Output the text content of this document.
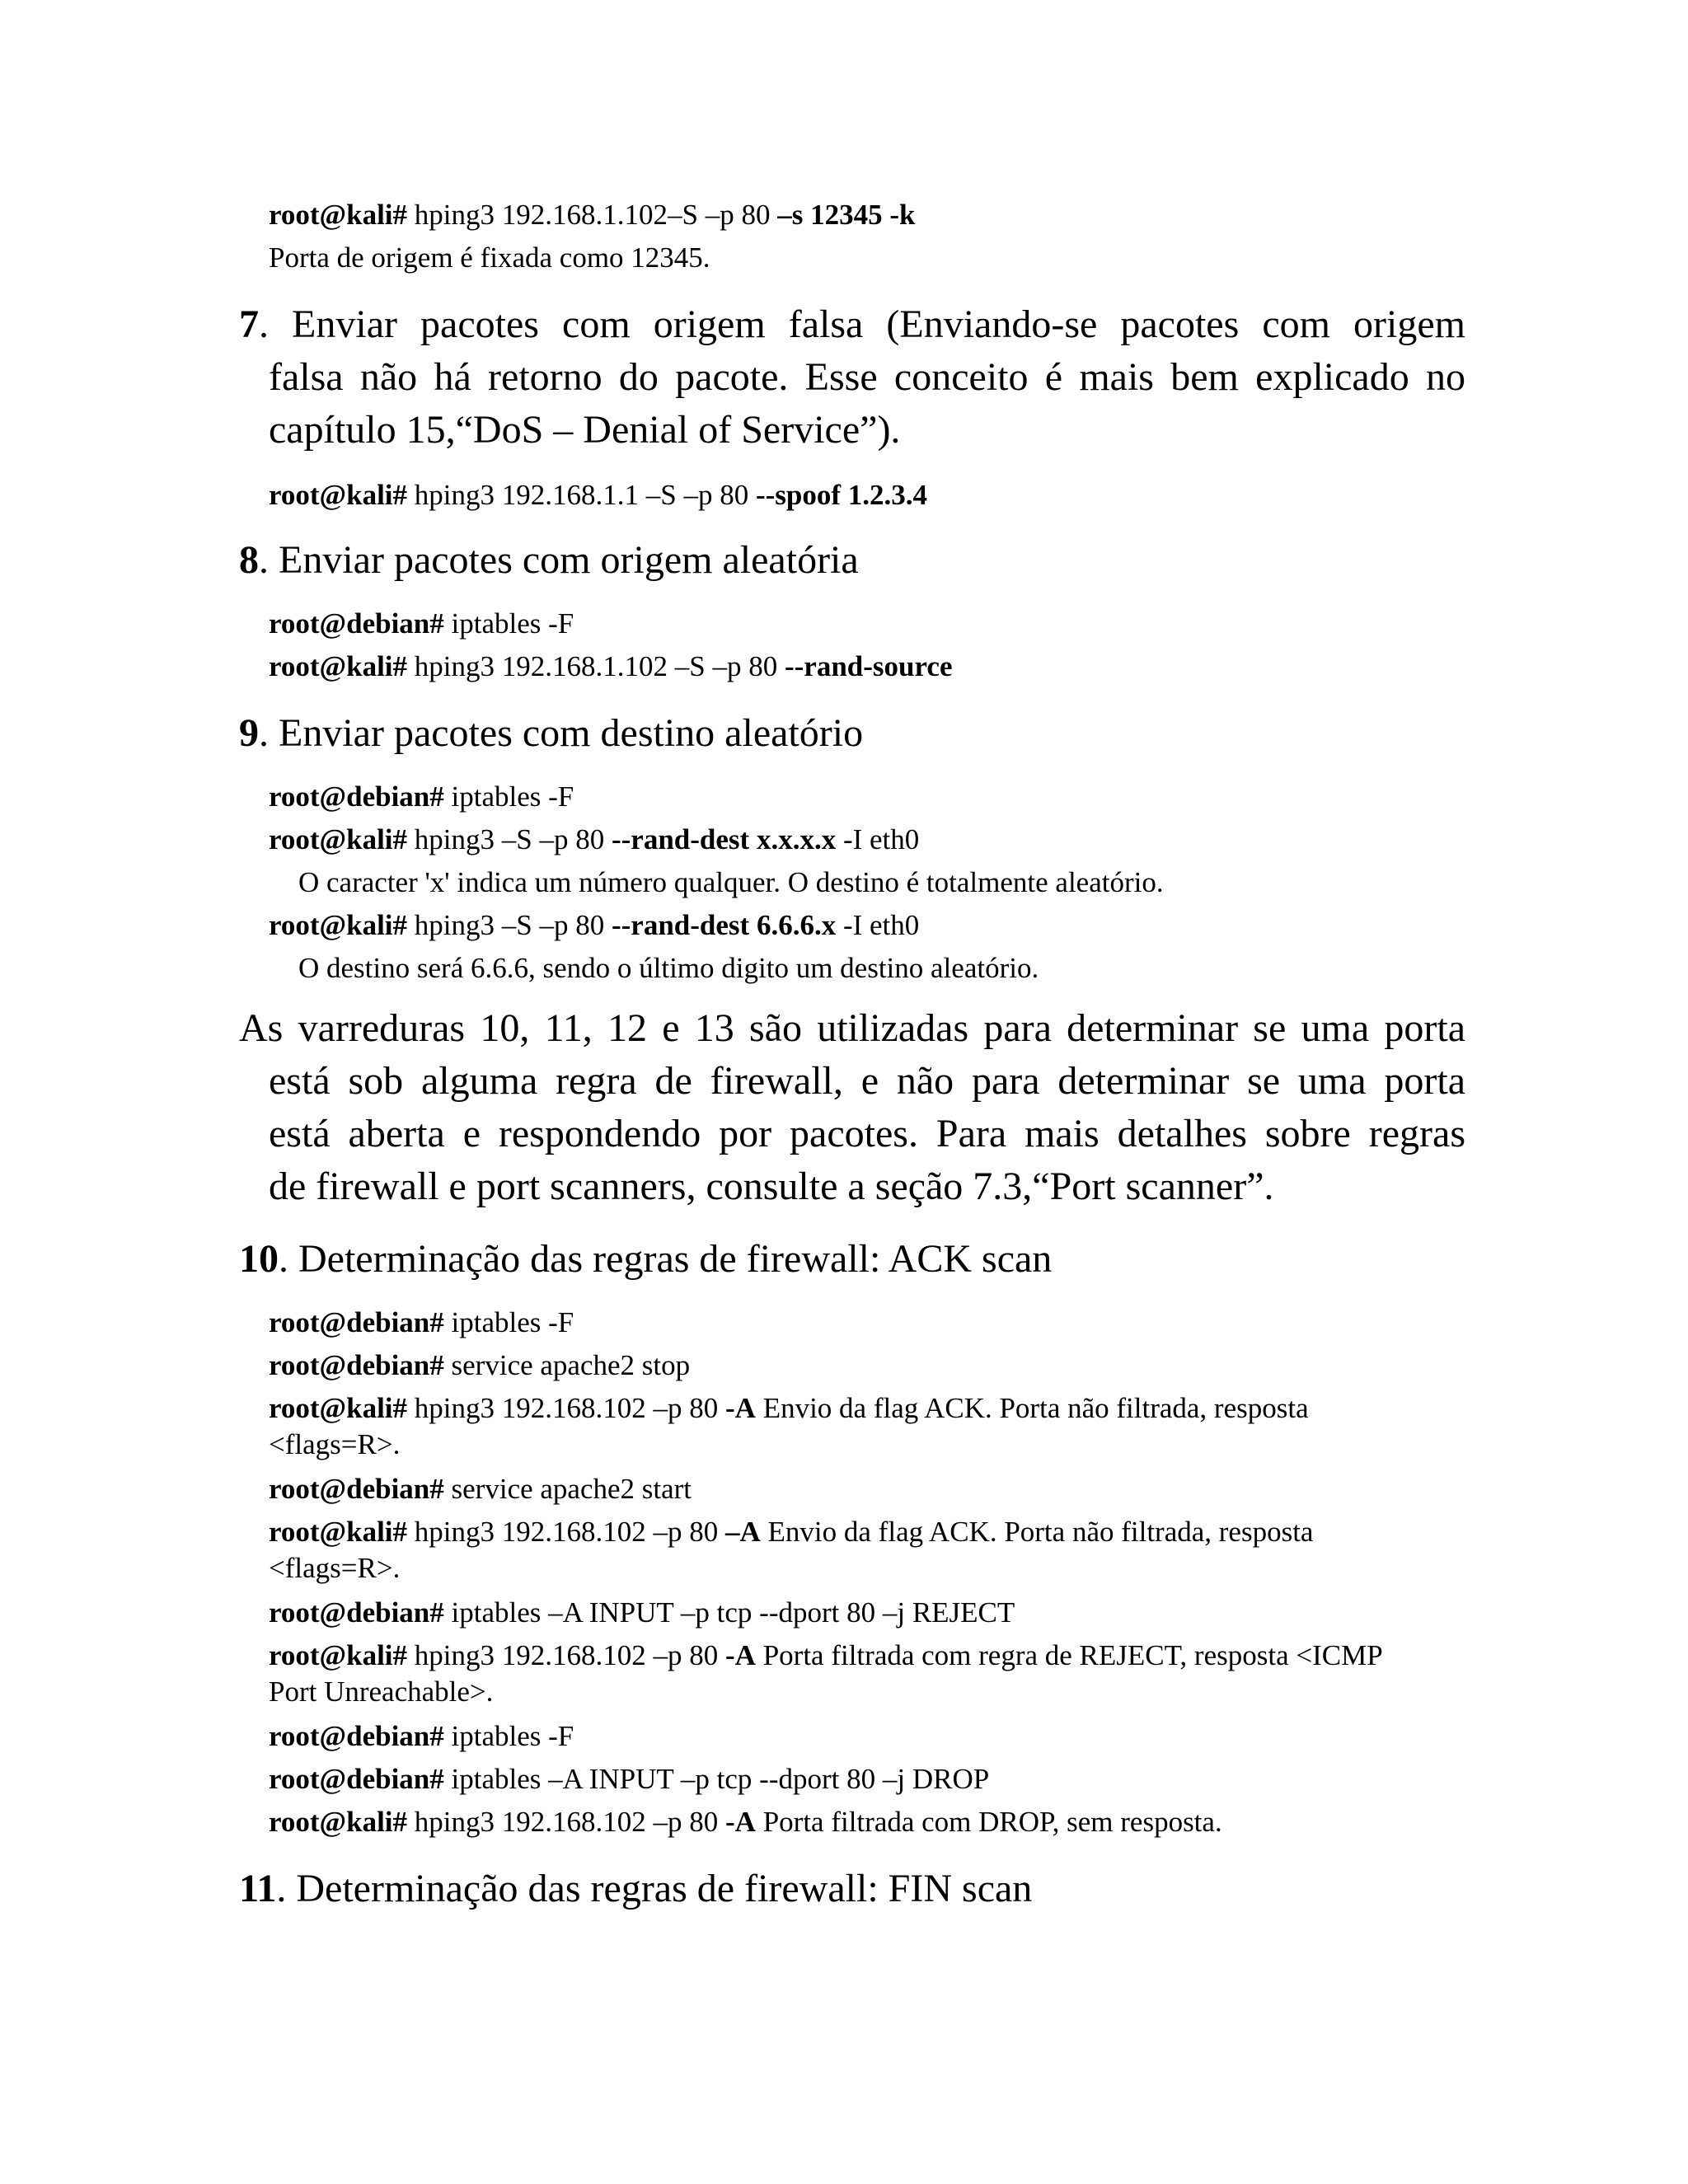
root@kali# hping3 192.168.1.102–S –p 80 –s 12345 -k
Porta de origem é fixada como 12345.
7. Enviar pacotes com origem falsa (Enviando-se pacotes com origem
falsa não há retorno do pacote. Esse conceito é mais bem explicado no
capítulo 15,“DoS – Denial of Service”).
root@kali# hping3 192.168.1.1 –S –p 80 --spoof 1.2.3.4
8. Enviar pacotes com origem aleatória
root@debian# iptables -F
root@kali# hping3 192.168.1.102 –S –p 80 --rand-source
9. Enviar pacotes com destino aleatório
root@debian# iptables -F
root@kali# hping3 –S –p 80 --rand-dest x.x.x.x -I eth0
O caracter 'x' indica um número qualquer. O destino é totalmente aleatório.
root@kali# hping3 –S –p 80 --rand-dest 6.6.6.x -I eth0
O destino será 6.6.6, sendo o último digito um destino aleatório.
As varreduras 10, 11, 12 e 13 são utilizadas para determinar se uma porta
está sob alguma regra de firewall, e não para determinar se uma porta
está aberta e respondendo por pacotes. Para mais detalhes sobre regras
de firewall e port scanners, consulte a seção 7.3,“Port scanner”.
10. Determinação das regras de firewall: ACK scan
root@debian# iptables -F
root@debian# service apache2 stop
root@kali# hping3 192.168.102 –p 80 -A Envio da flag ACK. Porta não filtrada, resposta
<flags=R>.
root@debian# service apache2 start
root@kali# hping3 192.168.102 –p 80 –A Envio da flag ACK. Porta não filtrada, resposta
<flags=R>.
root@debian# iptables –A INPUT –p tcp --dport 80 –j REJECT
root@kali# hping3 192.168.102 –p 80 -A Porta filtrada com regra de REJECT, resposta <ICMP
Port Unreachable>.
root@debian# iptables -F
root@debian# iptables –A INPUT –p tcp --dport 80 –j DROP
root@kali# hping3 192.168.102 –p 80 -A Porta filtrada com DROP, sem resposta.
11. Determinação das regras de firewall: FIN scan
